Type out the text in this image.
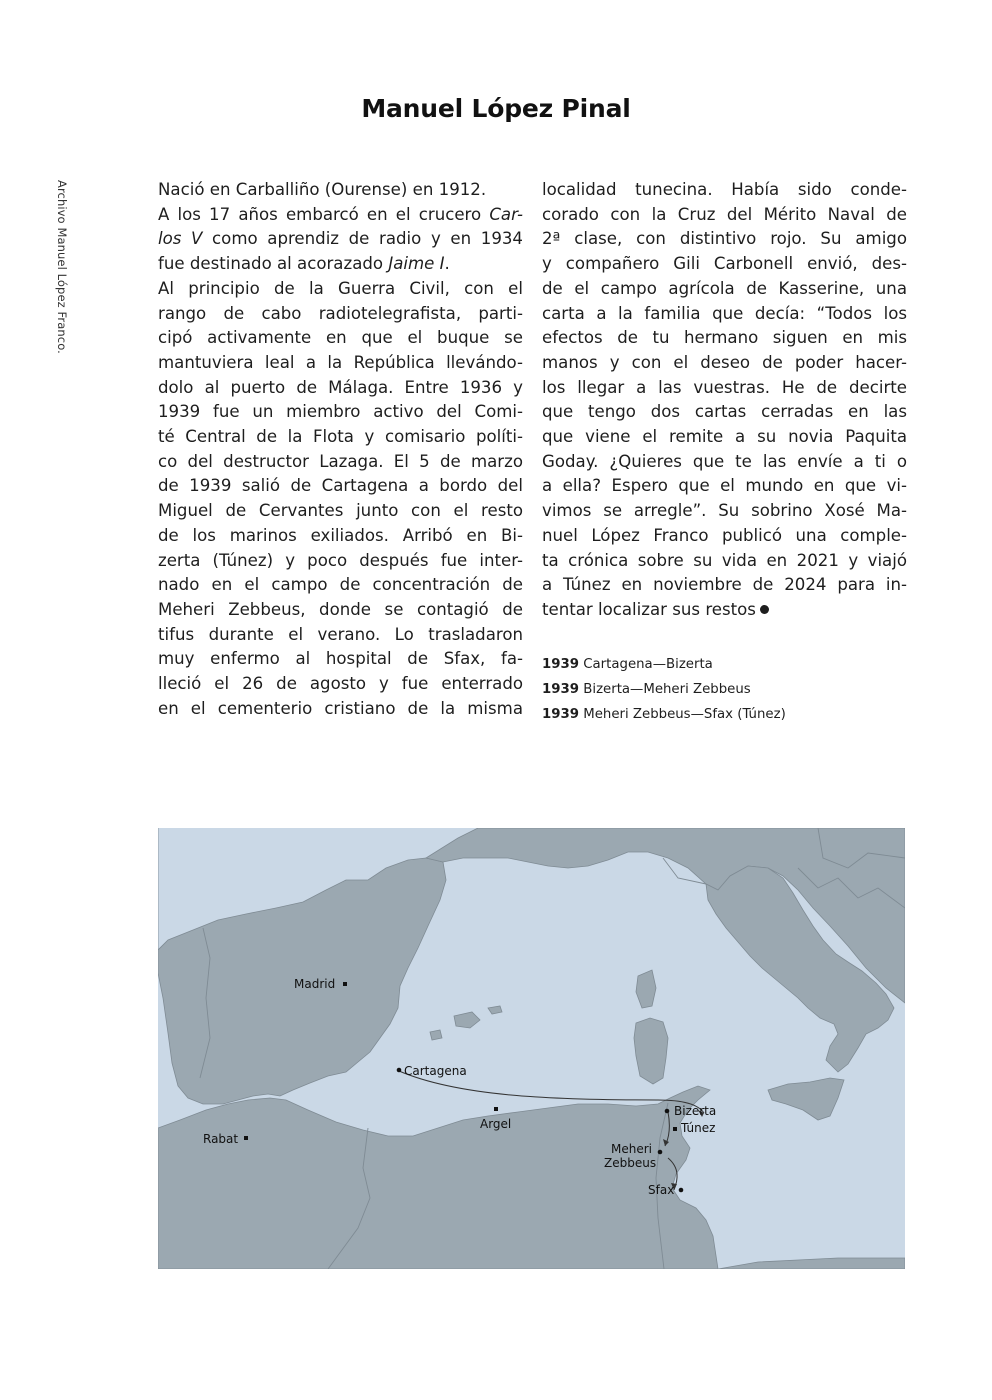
Manuel López Pinal
Archivo Manuel López Franco.	Nació en Carballiño (Ourense) en 1912.
A los 17 años embarcó en el crucero Car-
los V como aprendiz de radio y en 1934
fue destinado al acorazado Jaime I.
Al principio de la Guerra Civil, con el
rango de cabo radiotelegrafista, parti-
cipó activamente en que el buque se
mantuviera leal a la República llevándo-
dolo al puerto de Málaga. Entre 1936 y
1939 fue un miembro activo del Comi-
té Central de la Flota y comisario políti-
co del destructor Lazaga. El 5 de marzo
de 1939 salió de Cartagena a bordo del
Miguel de Cervantes junto con el resto
de los marinos exiliados. Arribó en Bi-
zerta (Túnez) y poco después fue inter-
nado en el campo de concentración de
Meheri Zebbeus, donde se contagió de
tifus durante el verano. Lo trasladaron
muy enfermo al hospital de Sfax, fa-
lleció el 26 de agosto y fue enterrado
en el cementerio cristiano de la misma
localidad tunecina. Había sido conde-
corado con la Cruz del Mérito Naval de
2ª clase, con distintivo rojo. Su amigo
y compañero Gili Carbonell envió, des-
de el campo agrícola de Kasserine, una
carta a la familia que decía: “Todos los
efectos de tu hermano siguen en mis
manos y con el deseo de poder hacer-
los llegar a las vuestras. He de decirte
que tengo dos cartas cerradas en las
que viene el remite a su novia Paquita
Goday. ¿Quieres que te las envíe a ti o
a ella? Espero que el mundo en que vi-
vimos se arregle”. Su sobrino Xosé Ma-
nuel López Franco publicó una comple-
ta crónica sobre su vida en 2021 y viajó
a Túnez en noviembre de 2024 para in-
tentar localizar sus restos
1939 Cartagena—Bizerta
1939 Bizerta—Meheri Zebbeus
1939 Meheri Zebbeus—Sfax (Túnez)
Madrid
Cartagena
Rabat
Argel
Bizerta
Túnez
Meheri
Zebbeus
Sfax
